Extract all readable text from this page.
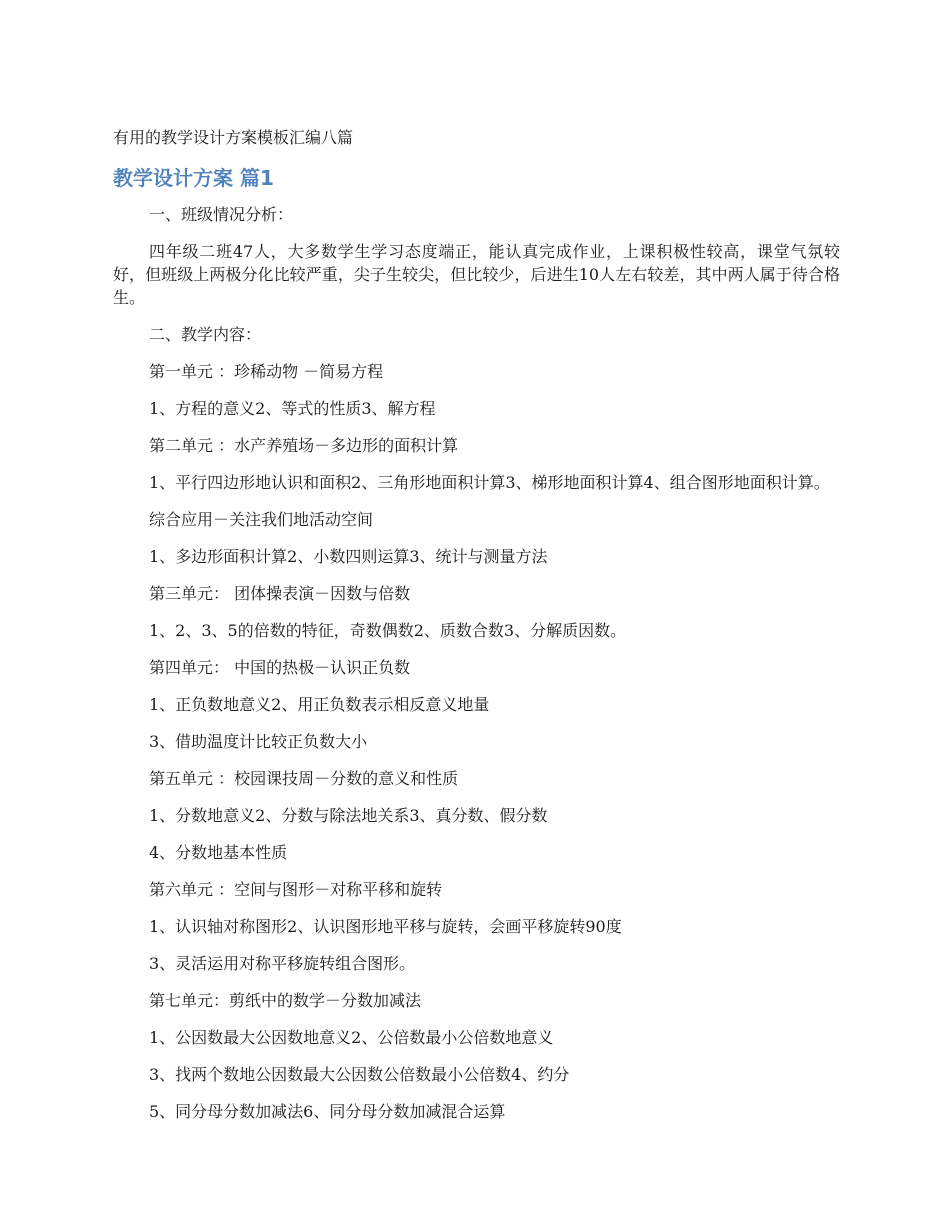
有用的教学设计方案模板汇编八篇
教学设计方案 篇1

一、班级情况分析：

四年级二班47人，大多数学生学习态度端正，能认真完成作业，上课积极性较高，课堂气氛较好，但班级上两极分化比较严重，尖子生较尖，但比较少，后进生10人左右较差，其中两人属于待合格生。

二、教学内容：

第一单元 ：珍稀动物 －简易方程

1、方程的意义2、等式的性质3、解方程

第二单元 ：水产养殖场－多边形的面积计算

1、平行四边形地认识和面积2、三角形地面积计算3、梯形地面积计算4、组合图形地面积计算。

综合应用－关注我们地活动空间

1、多边形面积计算2、小数四则运算3、统计与测量方法

第三单元： 团体操表演－因数与倍数

1、2、3、5的倍数的特征，奇数偶数2、质数合数3、分解质因数。

第四单元： 中国的热极－认识正负数

1、正负数地意义2、用正负数表示相反意义地量

3、借助温度计比较正负数大小

第五单元 ：校园课技周－分数的意义和性质

1、分数地意义2、分数与除法地关系3、真分数、假分数

4、分数地基本性质

第六单元 ：空间与图形－对称平移和旋转

1、认识轴对称图形2、认识图形地平移与旋转，会画平移旋转90度

3、灵活运用对称平移旋转组合图形。

第七单元：剪纸中的数学－分数加减法

1、公因数最大公因数地意义2、公倍数最小公倍数地意义

3、找两个数地公因数最大公因数公倍数最小公倍数4、约分

5、同分母分数加减法6、同分母分数加减混合运算
